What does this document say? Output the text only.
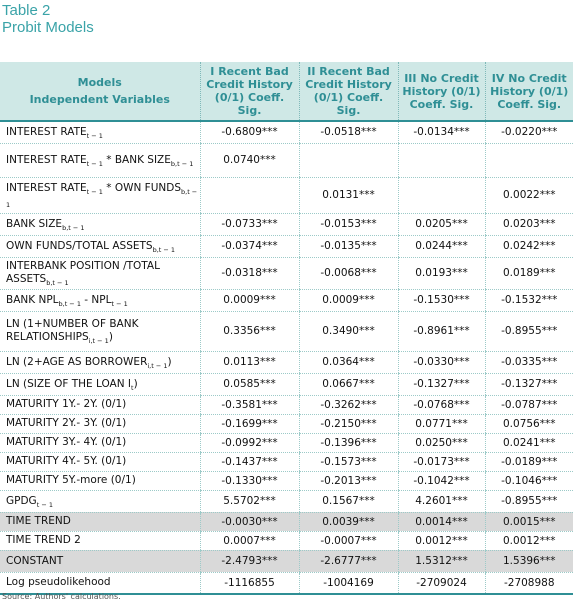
Table 2
Probit Models
Models
Independent Variables	I Recent Bad Credit History (0/1) Coeff. Sig.	II Recent Bad Credit History (0/1) Coeff. Sig.	III No Credit History (0/1) Coeff. Sig.	IV No Credit History (0/1) Coeff. Sig.
INTEREST $RATE_{t - 1}$	-0.6809***	-0.0518***	-0.0134***	-0.0220***
INTEREST $RATE_{t - 1}$ * BANK $SIZE_{b,t - 1}$	0.0740***			
INTEREST $RATE_{t - 1}$ * OWN $FUNDS_{b,t - 1}$		0.0131***		0.0022***
BANK $SIZE_{b,t - 1}$	-0.0733***	-0.0153***	0.0205***	0.0203***
OWN FUNDS/TOTAL $ASSETS_{b,t - 1}$	-0.0374***	-0.0135***	0.0244***	0.0242***
INTERBANK POSITION /TOTAL $ASSETS_{b,t - 1}$	-0.0318***	-0.0068***	0.0193***	0.0189***
BANK $NPL_{b,t - 1} - NPL_{t - 1}$	0.0009***	0.0009***	-0.1530***	-0.1532***
LN (1+NUMBER OF BANK $RELATIONSHIPS_{i,t - 1}$)	0.3356***	0.3490***	-0.8961***	-0.8955***
LN (2+AGE AS $BORROWER_{i,t - 1}$)	0.0113***	0.0364***	-0.0330***	-0.0335***
LN (SIZE OF THE LOAN $I_t$)	0.0585***	0.0667***	-0.1327***	-0.1327***
MATURITY 1Y.- 2Y. (0/1)	-0.3581***	-0.3262***	-0.0768***	-0.0787***
MATURITY 2Y.- 3Y. (0/1)	-0.1699***	-0.2150***	0.0771***	0.0756***
MATURITY 3Y.- 4Y. (0/1)	-0.0992***	-0.1396***	0.0250***	0.0241***
MATURITY 4Y.- 5Y. (0/1)	-0.1437***	-0.1573***	-0.0173***	-0.0189***
MATURITY 5Y.-more (0/1)	-0.1330***	-0.2013***	-0.1042***	-0.1046***
$GPDG_{t - 1}$	5.5702***	0.1567***	4.2601***	-0.8955***
TIME TREND	-0.0030***	0.0039***	0.0014***	0.0015***
TIME TREND 2	0.0007***	-0.0007***	0.0012***	0.0012***
CONSTANT	-2.4793***	-2.6777***	1.5312***	1.5396***
Log pseudolikehood	-1116855	-1004169	-2709024	-2708988
Source: Authors' calculations.
